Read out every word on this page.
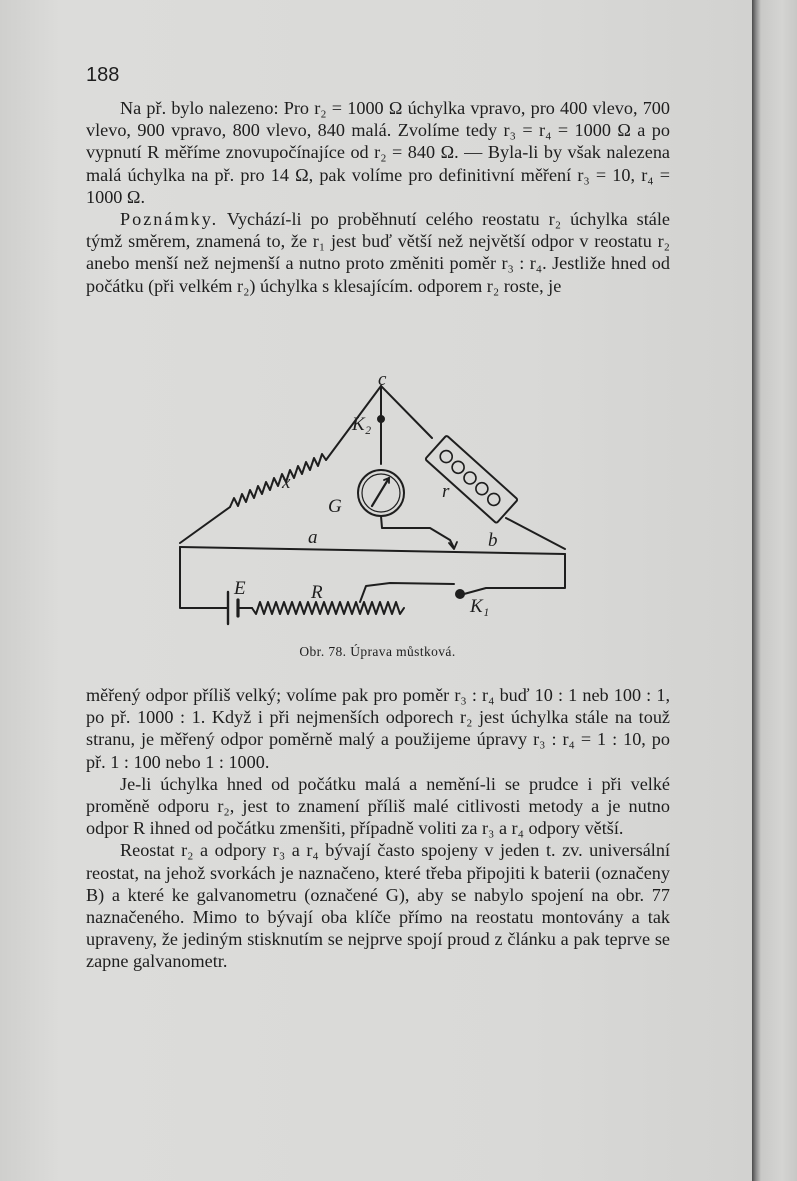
188

Na př. bylo nalezeno: Pro r₂ = 1000 Ω úchylka vpravo, pro 400 vlevo, 700 vlevo, 900 vpravo, 800 vlevo, 840 malá. Zvolíme tedy r₃ = r₄ = 1000 Ω a po vypnutí R měříme znovupočínajíce od r₂ = 840 Ω. — Byla-li by však nalezena malá úchylka na př. pro 14 Ω, pak volíme pro definitivní měření r₃ = 10, r₄ = 1000 Ω.

Poznámky. Vychází-li po proběhnutí celého reostatu r₂ úchylka stále týmž směrem, znamená to, že r₁ jest buď větší než největší odpor v reostatu r₂ anebo menší než nejmenší a nutno proto změniti poměr r₃ : r₄. Jestliže hned od počátku (při velkém r₂) úchylka s klesajícím. odporem r₂ roste, je

c
K₂
x
G
r
a	b
E	R
K₁
Obr. 78. Úprava můstková.

měřený odpor příliš velký; volíme pak pro poměr r₃ : r₄ buď 10 : 1 neb 100 : 1, po př. 1000 : 1. Když i při nejmenších odporech r₂ jest úchylka stále na touž stranu, je měřený odpor poměrně malý a použijeme úpravy r₃ : r₄ = 1 : 10, po př. 1 : 100 nebo 1 : 1000.

Je-li úchylka hned od počátku malá a nemění-li se prudce i při velké proměně odporu r₂, jest to znamení příliš malé citlivosti metody a je nutno odpor R ihned od počátku zmenšiti, případně voliti za r₃ a r₄ odpory větší.

Reostat r₂ a odpory r₃ a r₄ bývají často spojeny v jeden t. zv. universální reostat, na jehož svorkách je naznačeno, které třeba připojiti k baterii (označeny B) a které ke galvanometru (označené G), aby se nabylo spojení na obr. 77 naznačeného. Mimo to bývají oba klíče přímo na reostatu montovány a tak upraveny, že jediným stisknutím se nejprve spojí proud z článku a pak teprve se zapne galvanometr.
